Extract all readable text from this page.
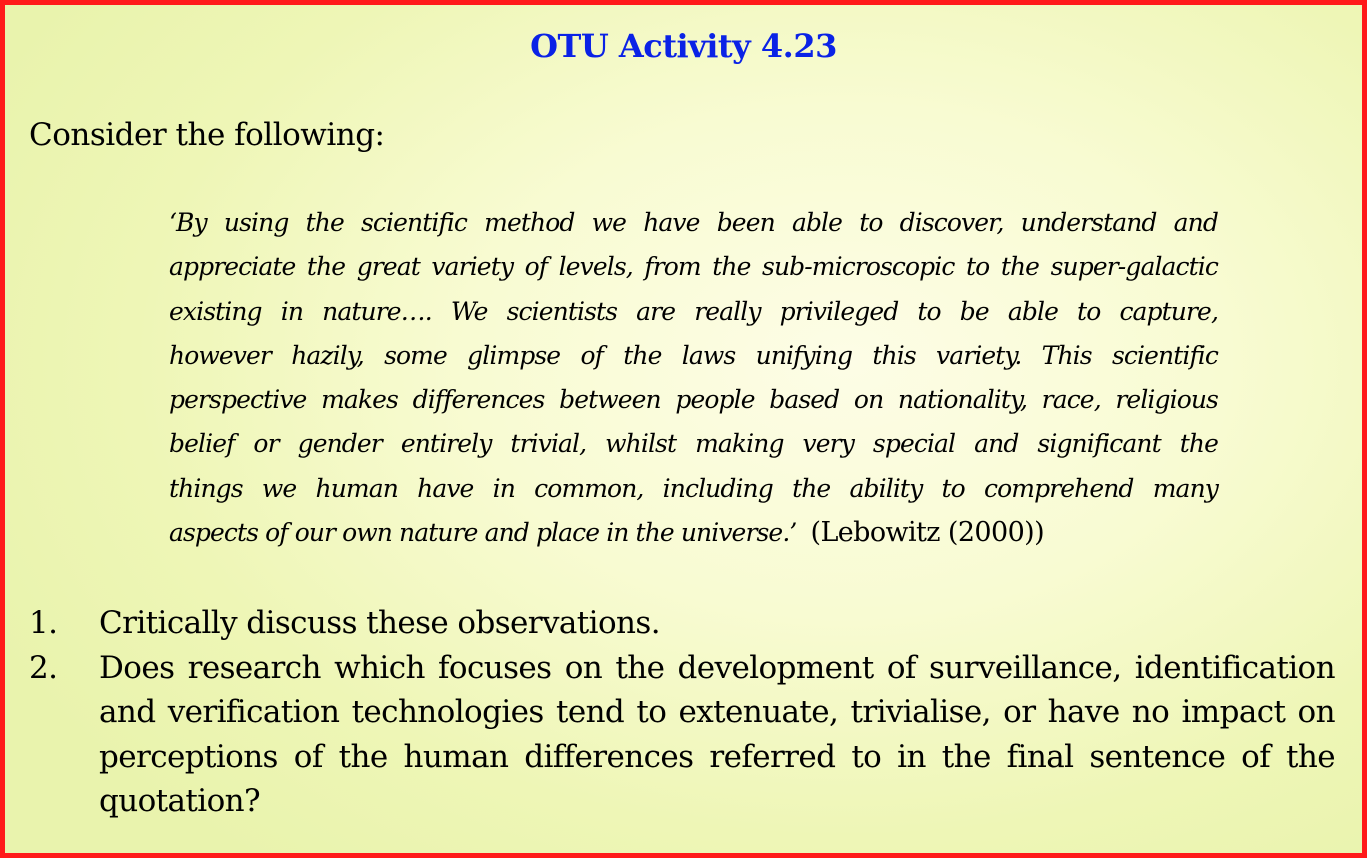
OTU Activity 4.23
Consider the following:
‘By using the scientific method we have been able to discover, understand and
appreciate the great variety of levels, from the sub-microscopic to the super-galactic
existing in nature…. We scientists are really privileged to be able to capture,
however hazily, some glimpse of the laws unifying this variety. This scientific
perspective makes differences between people based on nationality, race, religious
belief or gender entirely trivial, whilst making very special and significant the
things we human have in common, including the ability to comprehend many
aspects of our own nature and place in the universe.’ (Lebowitz (2000))
1. Critically discuss these observations.
2. Does research which focuses on the development of surveillance, identification
and verification technologies tend to extenuate, trivialise, or have no impact on
perceptions of the human differences referred to in the final sentence of the
quotation?
